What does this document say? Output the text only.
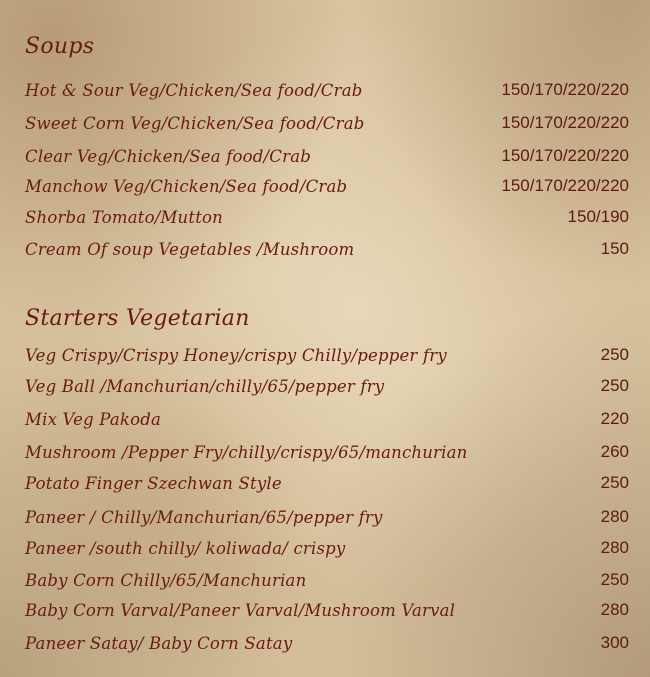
Soups
Hot & Sour Veg/Chicken/Sea food/Crab	150/170/220/220
Sweet Corn Veg/Chicken/Sea food/Crab	150/170/220/220
Clear Veg/Chicken/Sea food/Crab	150/170/220/220
Manchow Veg/Chicken/Sea food/Crab	150/170/220/220
Shorba Tomato/Mutton	150/190
Cream Of soup Vegetables /Mushroom	150
Starters Vegetarian
Veg Crispy/Crispy Honey/crispy Chilly/pepper fry	250
Veg Ball /Manchurian/chilly/65/pepper fry	250
Mix Veg Pakoda	220
Mushroom /Pepper Fry/chilly/crispy/65/manchurian	260
Potato Finger Szechwan Style	250
Paneer / Chilly/Manchurian/65/pepper fry	280
Paneer /south chilly/ koliwada/ crispy	280
Baby Corn Chilly/65/Manchurian	250
Baby Corn Varval/Paneer Varval/Mushroom Varval	280
Paneer Satay/ Baby Corn Satay	300
